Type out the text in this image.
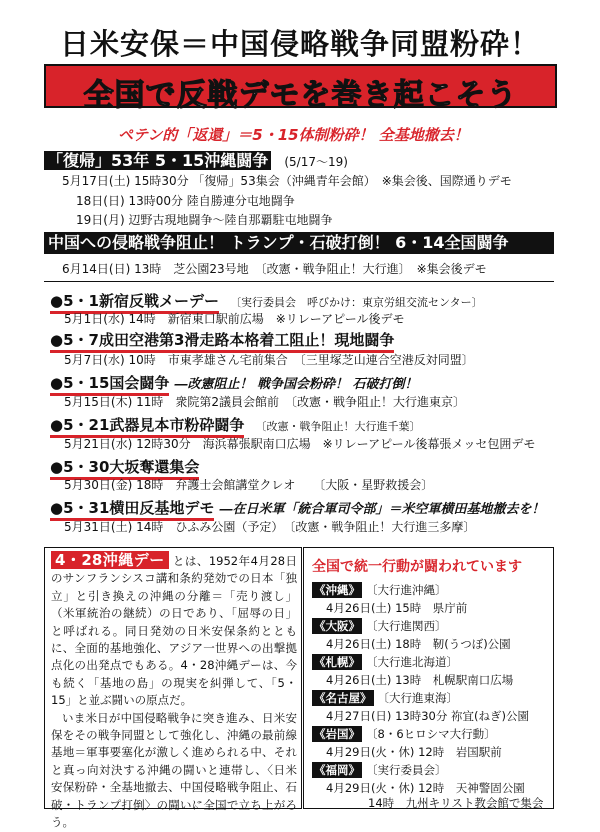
日米安保＝中国侵略戦争同盟粉砕！
全国で反戦デモを巻き起こそう
ペテン的「返還」＝5・15体制粉砕！ 全基地撤去！
「復帰」53年 5・15沖縄闘争 (5/17〜19)
5月17日(土) 15時30分 「復帰」53集会（沖縄青年会館）　※集会後、国際通りデモ
18日(日) 13時00分 陸自勝連分屯地闘争
19日(月) 辺野古現地闘争〜陸自那覇駐屯地闘争
中国への侵略戦争阻止！ トランプ・石破打倒！ 6・14全国闘争
6月14日(日) 13時　芝公園23号地　〔改憲・戦争阻止！大行進〕　※集会後デモ
●5・1新宿反戦メーデー 〔実行委員会　呼びかけ：東京労組交流センター〕
5月1日(水) 14時　新宿東口駅前広場　※リレーアピール後デモ
●5・7成田空港第3滑走路本格着工阻止！現地闘争
5月7日(水) 10時　市東孝雄さん宅前集合　〔三里塚芝山連合空港反対同盟〕
●5・15国会闘争 ―改憲阻止！ 戦争国会粉砕！ 石破打倒！
5月15日(木) 11時　衆院第2議員会館前　〔改憲・戦争阻止！大行進東京〕
●5・21武器見本市粉砕闘争 〔改憲・戦争阻止！大行進千葉〕
5月21日(水) 12時30分　海浜幕張駅南口広場　※リレーアピール後幕張メッセ包囲デモ
●5・30大坂奪還集会
5月30日(金) 18時　弁護士会館講堂クレオ 〔大阪・星野救援会〕
●5・31横田反基地デモ ―在日米軍「統合軍司令部」＝米空軍横田基地撤去を！
5月31日(土) 14時　ひふみ公園（予定）　〔改憲・戦争阻止！大行進三多摩〕
4・28沖縄デー とは、1952年4月28日のサンフランシスコ講和条約発効での日本「独立」と引き換えの沖縄の分離＝「売り渡し」（米軍統治の継続）の日であり、「屈辱の日」と呼ばれる。同日発効の日米安保条約とともに、全面的基地強化、アジア一世界への出撃拠点化の出発点でもある。4・28沖縄デーは、今も続く「基地の島」の現実を糾弾して、「5・15」と並ぶ闘いの原点だ。
いま米日が中国侵略戦争に突き進み、日米安保をその戦争同盟として強化し、沖縄の最前線基地＝軍事要塞化が激しく進められる中、それと真っ向対決する沖縄の闘いと連帯し、〈日米安保粉砕・全基地撤去、中国侵略戦争阻止、石破・トランプ打倒〉の闘いに全国で立ち上がろう。
全国で統一行動が闘われています
《沖縄》 〔大行進沖縄〕
4月26日(土) 15時　県庁前
《大阪》 〔大行進関西〕
4月26日(土) 18時　靭(うつぼ)公園
《札幌》 〔大行進北海道〕
4月26日(土) 13時　札幌駅南口広場
《名古屋》 〔大行進東海〕
4月27日(日) 13時30分 祢宜(ねぎ)公園
《岩国》 〔8・6ヒロシマ大行動〕
4月29日(火・休) 12時　岩国駅前
《福岡》 〔実行委員会〕
4月29日(火・休) 12時　天神警固公園
14時　九州キリスト教会館で集会
